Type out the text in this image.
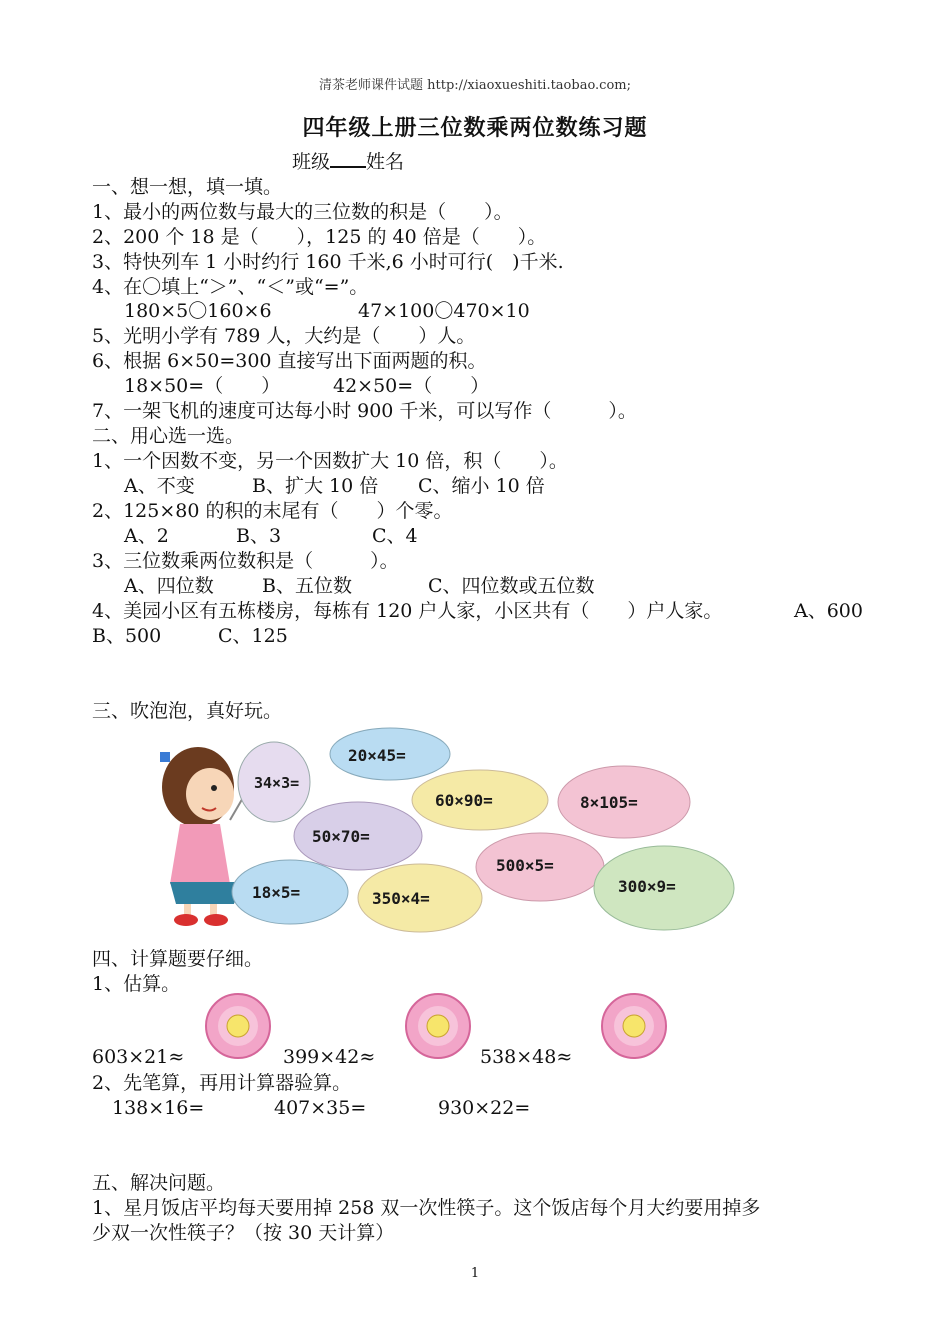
清茶老师课件试题 http://xiaoxueshiti.taobao.com;
四年级上册三位数乘两位数练习题
班级 姓名
一、想一想，填一填。
1、最小的两位数与最大的三位数的积是（　　）。
2、200 个 18 是（　　），125 的 40 倍是（　　）。
3、特快列车 1 小时约行 160 千米,6 小时可行(　)千米.
4、在〇填上“＞”、“＜”或“=”。
180×5〇160×6	47×100〇470×10
5、光明小学有 789 人，大约是（　　）人。
6、根据 6×50=300 直接写出下面两题的积。
18×50=（　　）	42×50=（　　）
7、一架飞机的速度可达每小时 900 千米，可以写作（　　　）。
二、用心选一选。
1、一个因数不变，另一个因数扩大 10 倍，积（　　）。
A、不变	B、扩大 10 倍 C、缩小 10 倍
2、125×80 的积的末尾有（　　）个零。
A、2	B、3	C、4
3、三位数乘两位数积是（　　　）。
A、四位数	B、五位数	C、四位数或五位数
4、美园小区有五栋楼房，每栋有 120 户人家，小区共有（　　）户人家。	A、600
B、500	C、125
三、吹泡泡，真好玩。
34×3=
20×45=
60×90=	8×105=
50×70=
18×5=	350×4=
500×5=
300×9=
四、计算题要仔细。
1、估算。
603×21≈	399×42≈	538×48≈
2、先笔算，再用计算器验算。
138×16=	407×35=	930×22=
五、解决问题。
1、星月饭店平均每天要用掉 258 双一次性筷子。这个饭店每个月大约要用掉多
少双一次性筷子？（按 30 天计算）
1
